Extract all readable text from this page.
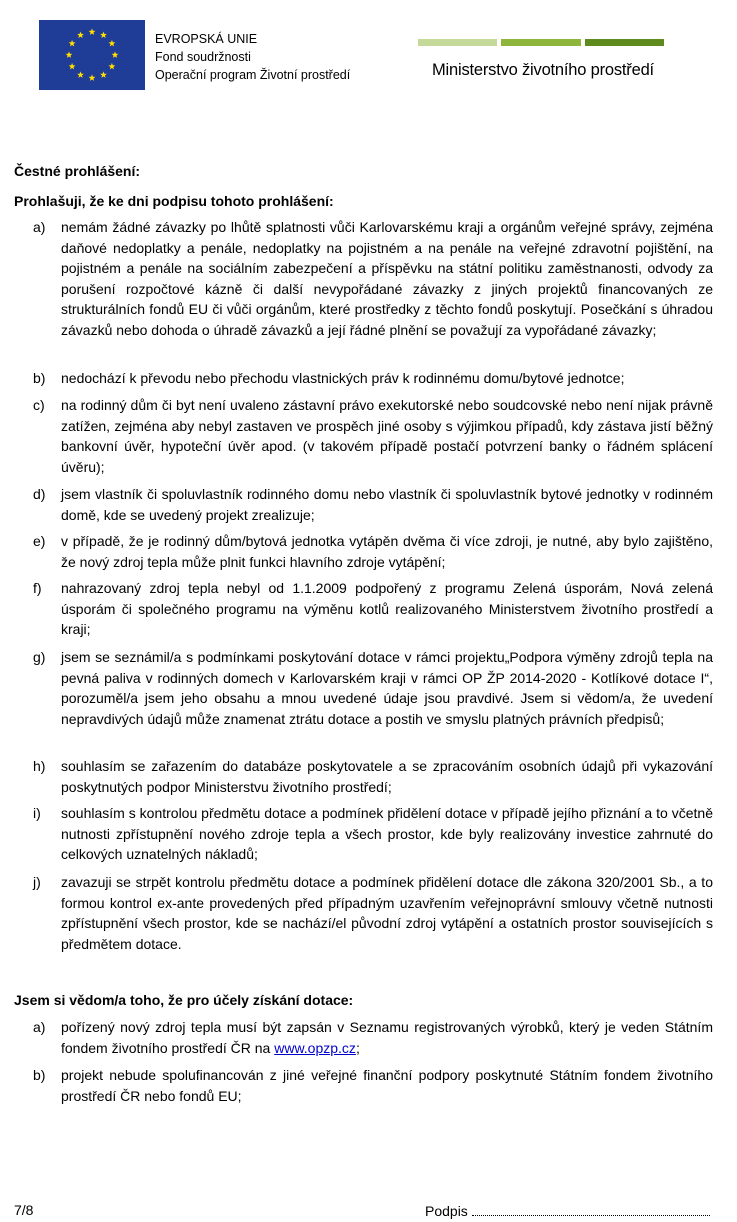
EVROPSKÁ UNIE
Fond soudržnosti
Operační program Životní prostředí	Ministerstvo životního prostředí
Čestné prohlášení:
Prohlašuji, že ke dni podpisu tohoto prohlášení:
a) nemám žádné závazky po lhůtě splatnosti vůči Karlovarskému kraji a orgánům veřejné správy, zejména daňové nedoplatky a penále, nedoplatky na pojistném a na penále na veřejné zdravotní pojištění, na pojistném a penále na sociálním zabezpečení a příspěvku na státní politiku zaměstnanosti, odvody za porušení rozpočtové kázně či další nevypořádané závazky z jiných projektů financovaných ze strukturálních fondů EU či vůči orgánům, které prostředky z těchto fondů poskytují. Posečkání s úhradou závazků nebo dohoda o úhradě závazků a její řádné plnění se považují za vypořádané závazky;
b) nedochází k převodu nebo přechodu vlastnických práv k rodinnému domu/bytové jednotce;
c) na rodinný dům či byt není uvaleno zástavní právo exekutorské nebo soudcovské nebo není nijak právně zatížen, zejména aby nebyl zastaven ve prospěch jiné osoby s výjimkou případů, kdy zástava jistí běžný bankovní úvěr, hypoteční úvěr apod. (v takovém případě postačí potvrzení banky o řádném splácení úvěru);
d) jsem vlastník či spoluvlastník rodinného domu nebo vlastník či spoluvlastník bytové jednotky v rodinném domě, kde se uvedený projekt zrealizuje;
e) v případě, že je rodinný dům/bytová jednotka vytápěn dvěma či více zdroji, je nutné, aby bylo zajištěno, že nový zdroj tepla může plnit funkci hlavního zdroje vytápění;
f) nahrazovaný zdroj tepla nebyl od 1.1.2009 podpořený z programu Zelená úsporám, Nová zelená úsporám či společného programu na výměnu kotlů realizovaného Ministerstvem životního prostředí a kraji;
g) jsem se seznámil/a s podmínkami poskytování dotace v rámci projektu„Podpora výměny zdrojů tepla na pevná paliva v rodinných domech v Karlovarském kraji v rámci OP ŽP 2014-2020 - Kotlíkové dotace I“, porozuměl/a jsem jeho obsahu a mnou uvedené údaje jsou pravdivé. Jsem si vědom/a, že uvedení nepravdivých údajů může znamenat ztrátu dotace a postih ve smyslu platných právních předpisů;
h) souhlasím se zařazením do databáze poskytovatele a se zpracováním osobních údajů při vykazování poskytnutých podpor Ministerstvu životního prostředí;
i) souhlasím s kontrolou předmětu dotace a podmínek přidělení dotace v případě jejího přiznání a to včetně nutnosti zpřístupnění nového zdroje tepla a všech prostor, kde byly realizovány investice zahrnuté do celkových uznatelných nákladů;
j) zavazuji se strpět kontrolu předmětu dotace a podmínek přidělení dotace dle zákona 320/2001 Sb., a to formou kontrol ex-ante provedených před případným uzavřením veřejnoprávní smlouvy včetně nutnosti zpřístupnění všech prostor, kde se nachází/el původní zdroj vytápění a ostatních prostor souvisejících s předmětem dotace.
Jsem si vědom/a toho, že pro účely získání dotace:
a) pořízený nový zdroj tepla musí být zapsán v Seznamu registrovaných výrobků, který je veden Státním fondem životního prostředí ČR na www.opzp.cz;
b) projekt nebude spolufinancován z jiné veřejné finanční podpory poskytnuté Státním fondem životního prostředí ČR nebo fondů EU;
7/8	Podpis
